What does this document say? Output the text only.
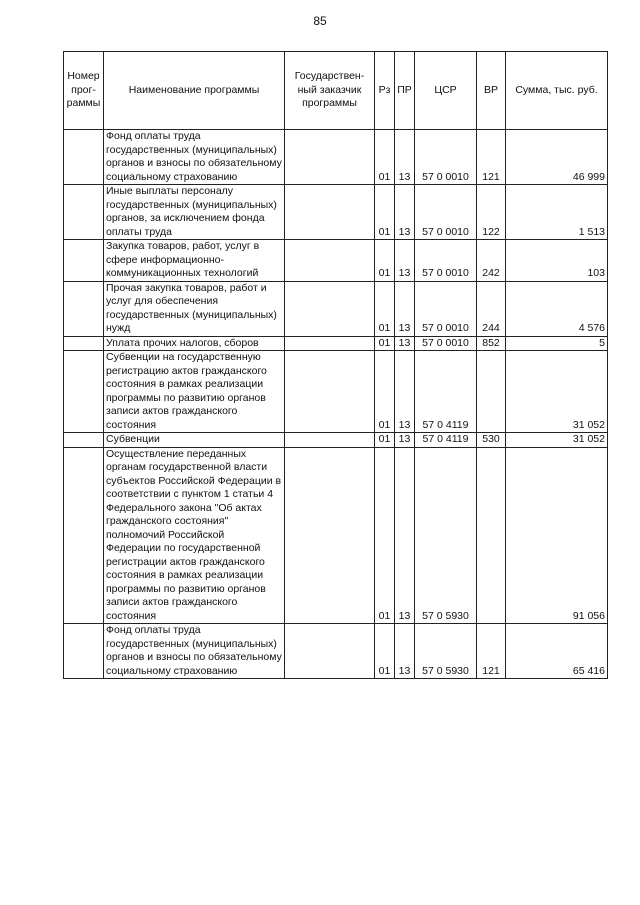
85
Номер прог-раммы	Наименование программы	Государствен-ный заказчик программы	Рз	ПР	ЦСР	ВР	Сумма, тыс. руб.
	Фонд оплаты труда государственных (муниципальных) органов и взносы по обязательному социальному страхованию		01	13	57 0 0010	121	46 999
	Иные выплаты персоналу государственных (муниципальных) органов, за исключением фонда оплаты труда		01	13	57 0 0010	122	1 513
	Закупка товаров, работ, услуг в сфере информационно-коммуникационных технологий		01	13	57 0 0010	242	103
	Прочая закупка товаров, работ и услуг для обеспечения государственных (муниципальных) нужд		01	13	57 0 0010	244	4 576
	Уплата прочих налогов, сборов		01	13	57 0 0010	852	5
	Субвенции на государственную регистрацию актов гражданского состояния в рамках реализации программы по развитию органов записи актов гражданского состояния		01	13	57 0 4119		31 052
	Субвенции		01	13	57 0 4119	530	31 052
	Осуществление переданных органам государственной власти субъектов Российской Федерации в соответствии с пунктом 1 статьи 4 Федерального закона "Об актах гражданского состояния" полномочий Российской Федерации по государственной регистрации актов гражданского состояния в рамках реализации программы по развитию органов записи актов гражданского состояния		01	13	57 0 5930		91 056
	Фонд оплаты труда государственных (муниципальных) органов и взносы по обязательному социальному страхованию		01	13	57 0 5930	121	65 416
